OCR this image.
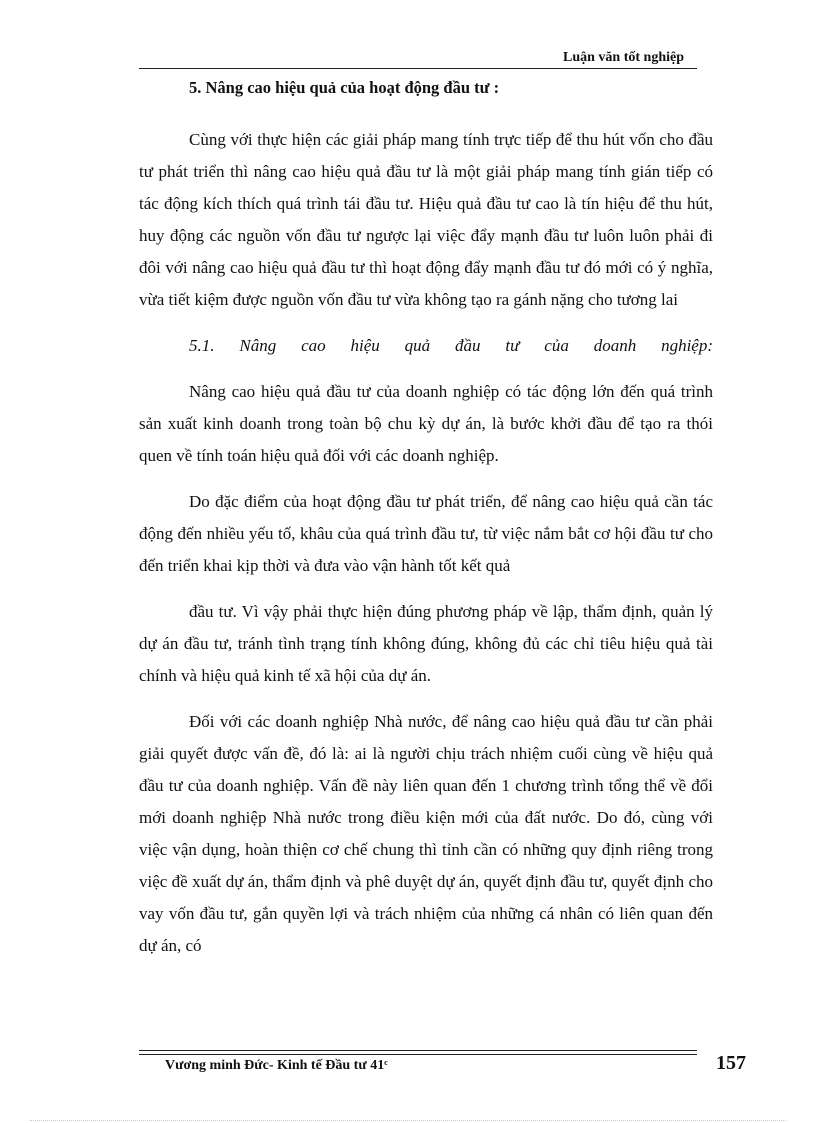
Luận văn tốt nghiệp
5. Nâng cao hiệu quả của hoạt động đầu tư :

Cùng với thực hiện các giải pháp mang tính trực tiếp để thu hút vốn cho đầu tư phát triển thì nâng cao hiệu quả đầu tư là một giải pháp mang tính gián tiếp có tác động kích thích quá trình tái đầu tư. Hiệu quả đầu tư cao là tín hiệu để thu hút, huy động các nguồn vốn đầu tư ngược lại việc đẩy mạnh đầu tư luôn luôn phải đi đôi với nâng cao hiệu quả đầu tư thì hoạt động đẩy mạnh đầu tư đó mới có ý nghĩa, vừa tiết kiệm được nguồn vốn đầu tư vừa không tạo ra gánh nặng cho tương lai

5.1. Nâng cao hiệu quả đầu tư của doanh nghiệp:

Nâng cao hiệu quả đầu tư của doanh nghiệp có tác động lớn đến quá trình sản xuất kinh doanh trong toàn bộ chu kỳ dự án, là bước khởi đầu để tạo ra thói quen về tính toán hiệu quả đối với các doanh nghiệp.

Do đặc điểm của hoạt động đầu tư phát triển, để nâng cao hiệu quả cần tác động đến nhiều yếu tố, khâu của quá trình đầu tư, từ việc nắm bắt cơ hội đầu tư cho đến triển khai kịp thời và đưa vào vận hành tốt kết quả

đầu tư. Vì vậy phải thực hiện đúng phương pháp về lập, thẩm định, quản lý dự án đầu tư, tránh tình trạng tính không đúng, không đủ các chỉ tiêu hiệu quả tài chính và hiệu quả kinh tế xã hội của dự án.

Đối với các doanh nghiệp Nhà nước, để nâng cao hiệu quả đầu tư cần phải giải quyết được vấn đề, đó là: ai là người chịu trách nhiệm cuối cùng về hiệu quả đầu tư của doanh nghiệp. Vấn đề này liên quan đến 1 chương trình tổng thể về đổi mới doanh nghiệp Nhà nước trong điều kiện mới của đất nước. Do đó, cùng với việc vận dụng, hoàn thiện cơ chế chung thì tỉnh cần có những quy định riêng trong việc đề xuất dự án, thẩm định và phê duyệt dự án, quyết định đầu tư, quyết định cho vay vốn đầu tư, gắn quyền lợi và trách nhiệm của những cá nhân có liên quan đến dự án, có

Vương minh Đức- Kinh tế Đầu tư 41ᶜ	157
